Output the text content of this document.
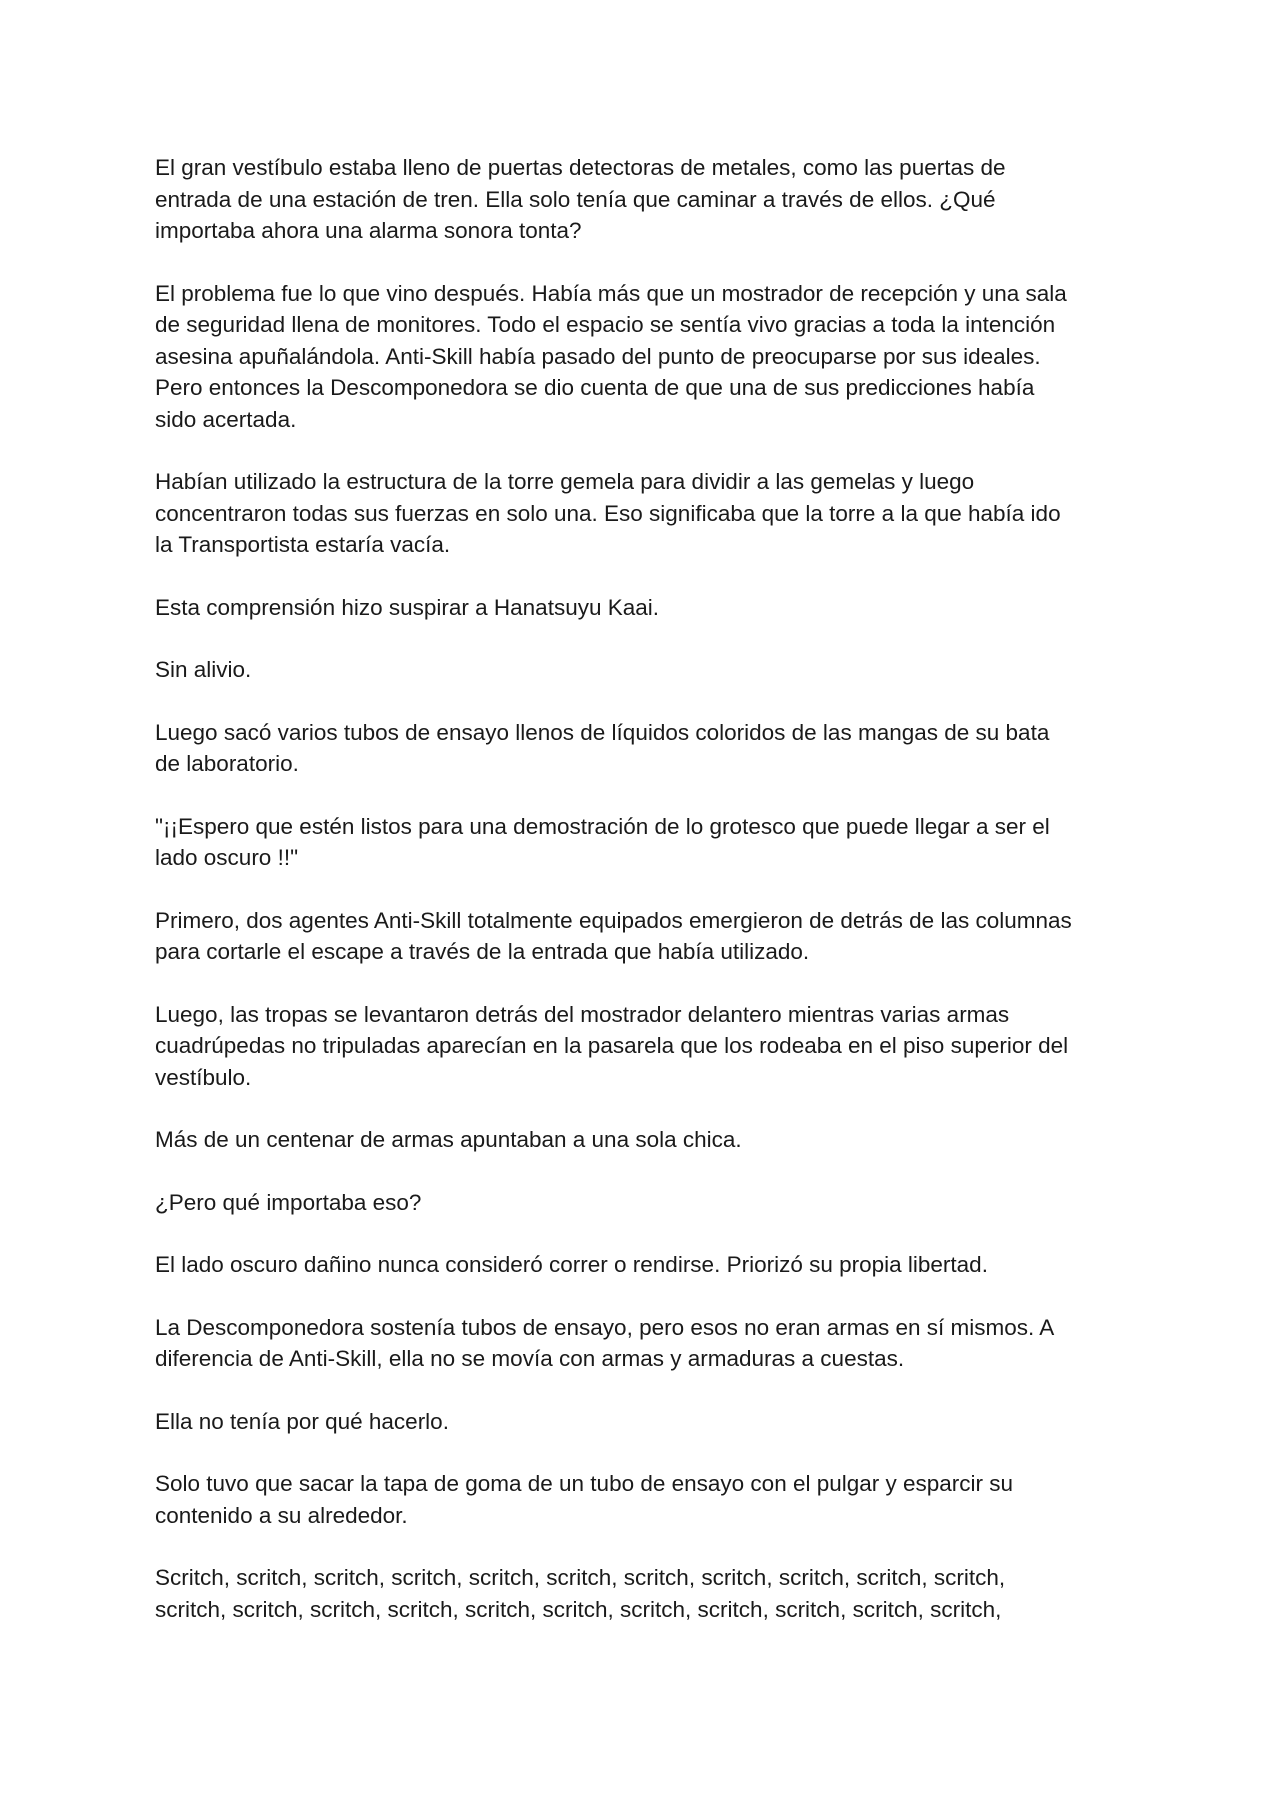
El gran vestíbulo estaba lleno de puertas detectoras de metales, como las puertas de
entrada de una estación de tren. Ella solo tenía que caminar a través de ellos. ¿Qué
importaba ahora una alarma sonora tonta?

El problema fue lo que vino después. Había más que un mostrador de recepción y una sala
de seguridad llena de monitores. Todo el espacio se sentía vivo gracias a toda la intención
asesina apuñalándola. Anti-Skill había pasado del punto de preocuparse por sus ideales.
Pero entonces la Descomponedora se dio cuenta de que una de sus predicciones había
sido acertada.

Habían utilizado la estructura de la torre gemela para dividir a las gemelas y luego
concentraron todas sus fuerzas en solo una. Eso significaba que la torre a la que había ido
la Transportista estaría vacía.

Esta comprensión hizo suspirar a Hanatsuyu Kaai.

Sin alivio.

Luego sacó varios tubos de ensayo llenos de líquidos coloridos de las mangas de su bata
de laboratorio.

"¡¡Espero que estén listos para una demostración de lo grotesco que puede llegar a ser el
lado oscuro !!"

Primero, dos agentes Anti-Skill totalmente equipados emergieron de detrás de las columnas
para cortarle el escape a través de la entrada que había utilizado.

Luego, las tropas se levantaron detrás del mostrador delantero mientras varias armas
cuadrúpedas no tripuladas aparecían en la pasarela que los rodeaba en el piso superior del
vestíbulo.

Más de un centenar de armas apuntaban a una sola chica.

¿Pero qué importaba eso?

El lado oscuro dañino nunca consideró correr o rendirse. Priorizó su propia libertad.

La Descomponedora sostenía tubos de ensayo, pero esos no eran armas en sí mismos. A
diferencia de Anti-Skill, ella no se movía con armas y armaduras a cuestas.

Ella no tenía por qué hacerlo.

Solo tuvo que sacar la tapa de goma de un tubo de ensayo con el pulgar y esparcir su
contenido a su alrededor.

Scritch, scritch, scritch, scritch, scritch, scritch, scritch, scritch, scritch, scritch, scritch,
scritch, scritch, scritch, scritch, scritch, scritch, scritch, scritch, scritch, scritch, scritch,
